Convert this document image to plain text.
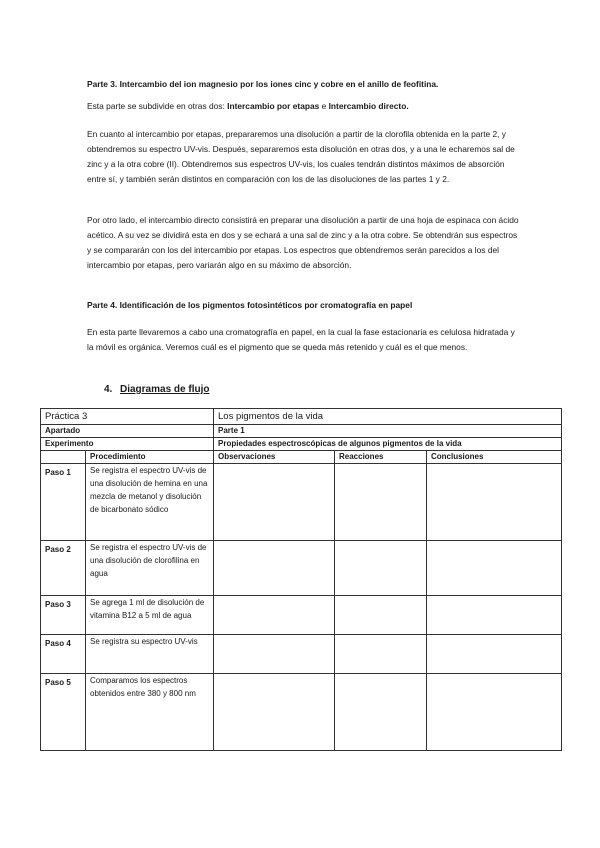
Parte 3. Intercambio del ion magnesio por los iones cinc y cobre en el anillo de feofitina.
Esta parte se subdivide en otras dos: Intercambio por etapas e Intercambio directo.
En cuanto al intercambio por etapas, prepararemos una disolución a partir de la clorofila obtenida en la parte 2, y obtendremos su espectro UV-vis. Después, separaremos esta disolución en otras dos, y a una le echaremos sal de zinc y a la otra cobre (II). Obtendremos sus espectros UV-vis, los cuales tendrán distintos máximos de absorción entre sí, y también serán distintos en comparación con los de las disoluciones de las partes 1 y 2.
Por otro lado, el intercambio directo consistirá en preparar una disolución a partir de una hoja de espinaca con ácido acético. A su vez se dividirá esta en dos y se echará a una sal de zinc y a la otra cobre. Se obtendrán sus espectros y se compararán con los del intercambio por etapas. Los espectros que obtendremos serán parecidos a los del intercambio por etapas, pero variarán algo en su máximo de absorción.
Parte 4. Identificación de los pigmentos fotosintéticos por cromatografía en papel
En esta parte llevaremos a cabo una cromatografía en papel, en la cual la fase estacionaria es celulosa hidratada y la móvil es orgánica. Veremos cuál es el pigmento que se queda más retenido y cuál es el que menos.
4. Diagramas de flujo
Práctica 3		Los pigmentos de la vida		
Apartado		Parte 1		
Experimento		Propiedades espectroscópicas de algunos pigmentos de la vida		
	Procedimiento	Observaciones	Reacciones	Conclusiones
Paso 1	Se registra el espectro UV-vis de una disolución de hemina en una mezcla de metanol y disolución de bicarbonato sódico			
Paso 2	Se registra el espectro UV-vis de una disolución de clorofilina en agua			
Paso 3	Se agrega 1 ml de disolución de vitamina B12 a 5 ml de agua			
Paso 4	Se registra su espectro UV-vis			
Paso 5	Comparamos los espectros obtenidos entre 380 y 800 nm			
